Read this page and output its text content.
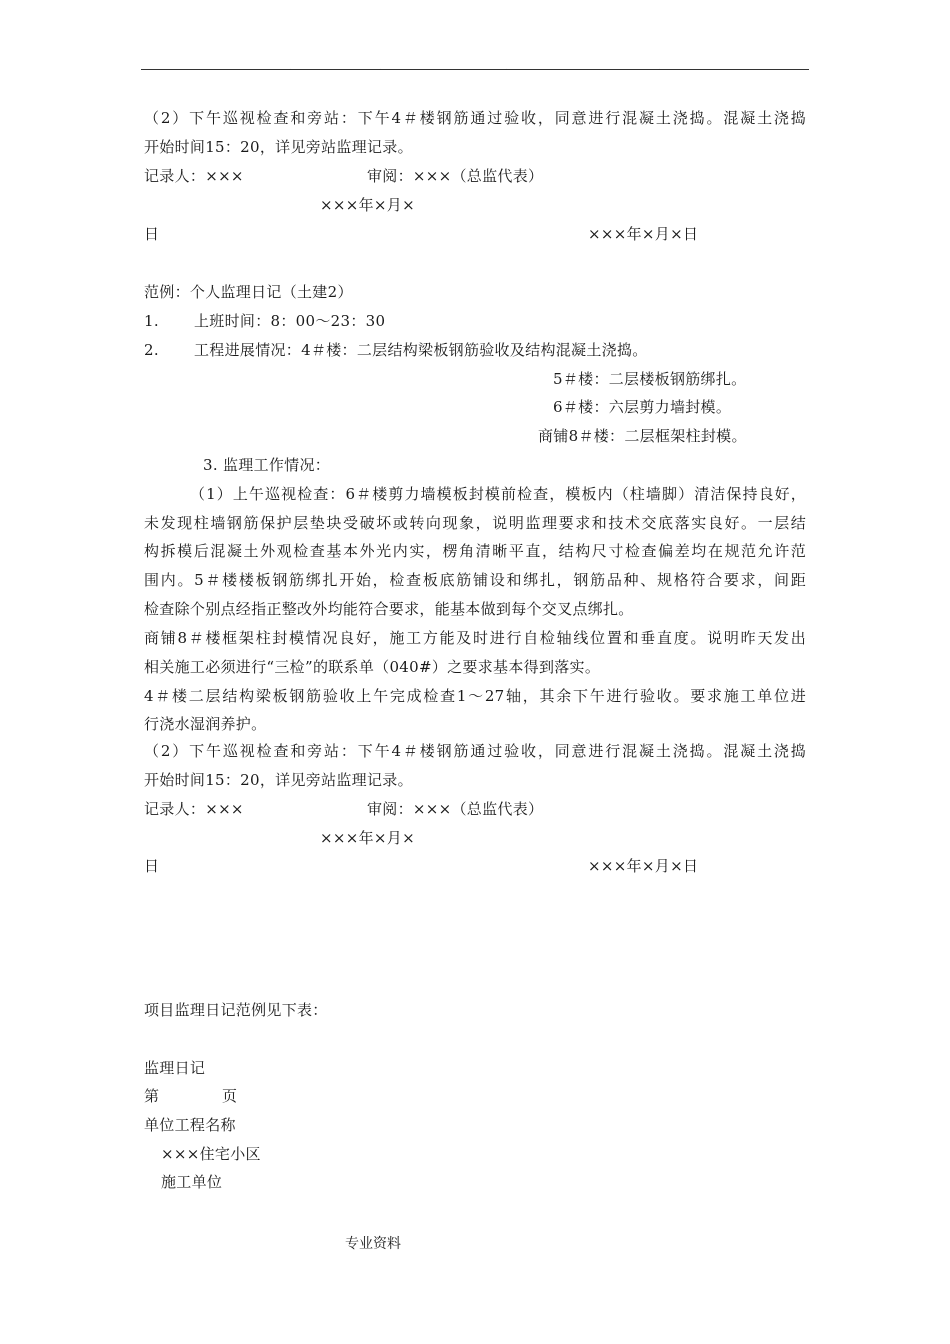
.	.	.	.
（2）下午巡视检查和旁站：下午4＃楼钢筋通过验收，同意进行混凝土浇捣。混凝土浇捣
开始时间15：20，详见旁站监理记录。
记录人：×××	审阅：×××（总监代表）
×××年×月×
日	×××年×月×日
范例：个人监理日记（土建2）
1. 上班时间：8：00～23：30
2. 工程进展情况：4＃楼：二层结构梁板钢筋验收及结构混凝土浇捣。
5＃楼：二层楼板钢筋绑扎。
6＃楼：六层剪力墙封模。
商铺8＃楼：二层框架柱封模。
3. 监理工作情况：
（1）上午巡视检查：6＃楼剪力墙模板封模前检查，模板内（柱墙脚）清洁保持良好，
未发现柱墙钢筋保护层垫块受破坏或转向现象，说明监理要求和技术交底落实良好。一层结
构拆模后混凝土外观检查基本外光内实，楞角清晰平直，结构尺寸检查偏差均在规范允许范
围内。5＃楼楼板钢筋绑扎开始，检查板底筋铺设和绑扎，钢筋品种、规格符合要求，间距
检查除个别点经指正整改外均能符合要求，能基本做到每个交叉点绑扎。
商铺8＃楼框架柱封模情况良好，施工方能及时进行自检轴线位置和垂直度。说明昨天发出
相关施工必须进行“三检”的联系单（040#）之要求基本得到落实。
4＃楼二层结构梁板钢筋验收上午完成检查1～27轴，其余下午进行验收。要求施工单位进
行浇水湿润养护。
（2）下午巡视检查和旁站：下午4＃楼钢筋通过验收，同意进行混凝土浇捣。混凝土浇捣
开始时间15：20，详见旁站监理记录。
记录人：×××	审阅：×××（总监代表）
×××年×月×
日	×××年×月×日
项目监理日记范例见下表：
监理日记
第	页
单位工程名称
×××住宅小区
施工单位
专业资料
